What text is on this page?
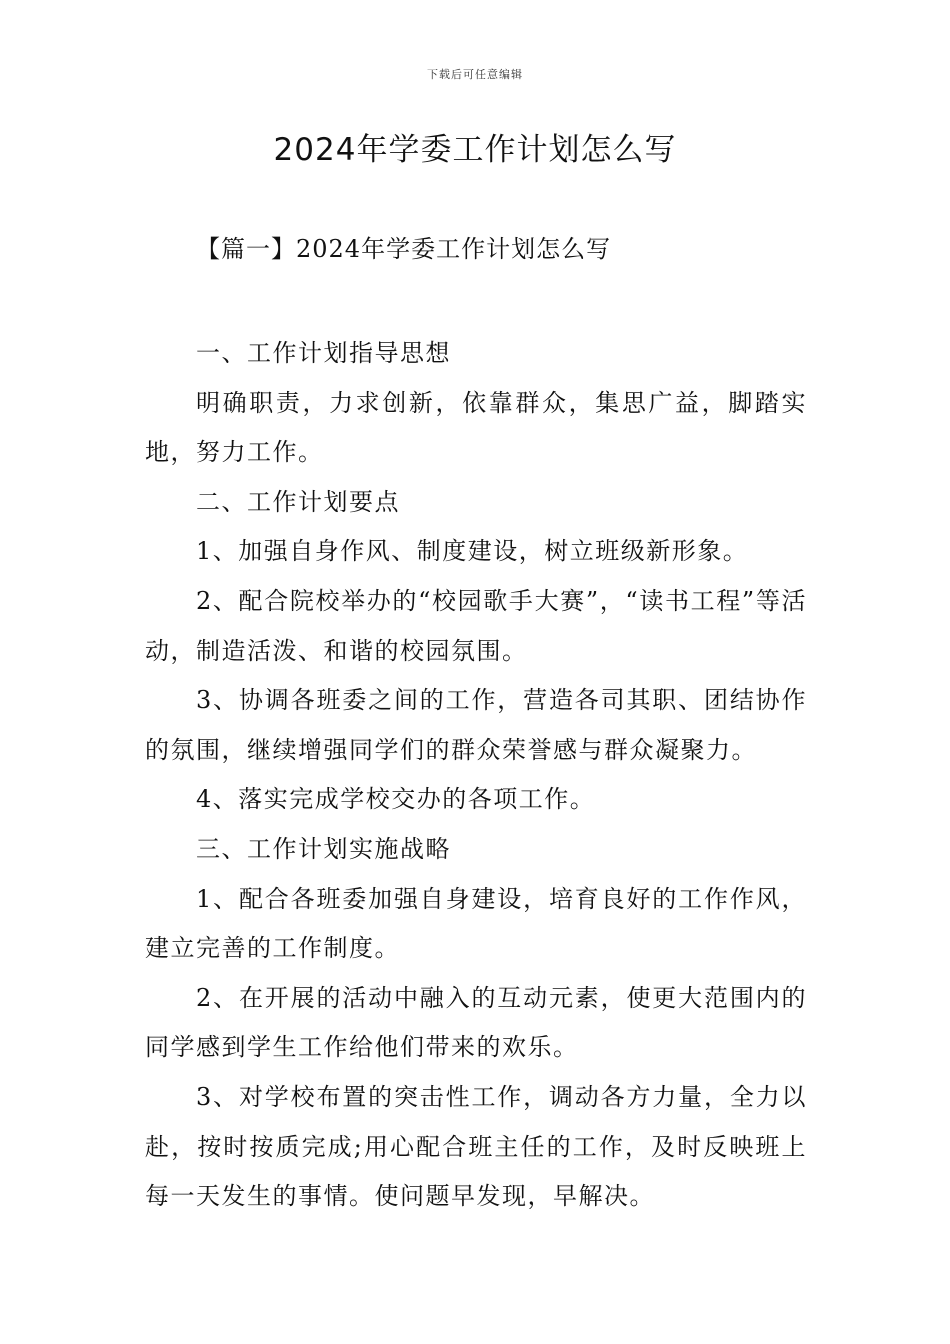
下载后可任意编辑
2024年学委工作计划怎么写
【篇一】2024年学委工作计划怎么写

一、工作计划指导思想

明确职责，力求创新，依靠群众，集思广益，脚踏实地，努力工作。

二、工作计划要点

1、加强自身作风、制度建设，树立班级新形象。

2、配合院校举办的“校园歌手大赛”，“读书工程”等活动，制造活泼、和谐的校园氛围。

3、协调各班委之间的工作，营造各司其职、团结协作的氛围，继续增强同学们的群众荣誉感与群众凝聚力。

4、落实完成学校交办的各项工作。

三、工作计划实施战略

1、配合各班委加强自身建设，培育良好的工作作风，建立完善的工作制度。

2、在开展的活动中融入的互动元素，使更大范围内的同学感到学生工作给他们带来的欢乐。

3、对学校布置的突击性工作，调动各方力量，全力以赴，按时按质完成;用心配合班主任的工作，及时反映班上每一天发生的事情。使问题早发现，早解决。
